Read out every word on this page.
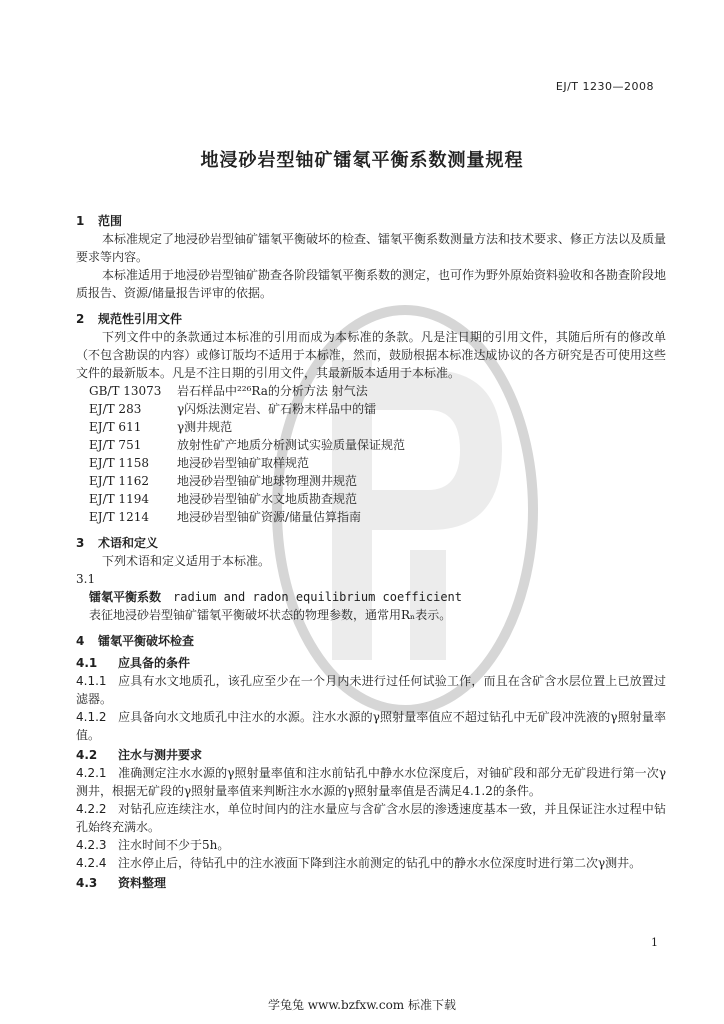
EJ/T 1230—2008
地浸砂岩型铀矿镭氡平衡系数测量规程
1 范围
本标准规定了地浸砂岩型铀矿镭氡平衡破坏的检查、镭氡平衡系数测量方法和技术要求、修正方法以及质量要求等内容。
本标准适用于地浸砂岩型铀矿勘查各阶段镭氡平衡系数的测定，也可作为野外原始资料验收和各勘查阶段地质报告、资源/储量报告评审的依据。
2 规范性引用文件
下列文件中的条款通过本标准的引用而成为本标准的条款。凡是注日期的引用文件，其随后所有的修改单（不包含勘误的内容）或修订版均不适用于本标准，然而，鼓励根据本标准达成协议的各方研究是否可使用这些文件的最新版本。凡是不注日期的引用文件，其最新版本适用于本标准。
GB/T 13073 岩石样品中²²⁶Ra的分析方法 射气法
EJ/T 283	γ闪烁法测定岩、矿石粉末样品中的镭
EJ/T 611	γ测井规范
EJ/T 751	放射性矿产地质分析测试实验质量保证规范
EJ/T 1158 地浸砂岩型铀矿取样规范
EJ/T 1162 地浸砂岩型铀矿地球物理测井规范
EJ/T 1194 地浸砂岩型铀矿水文地质勘查规范
EJ/T 1214 地浸砂岩型铀矿资源/储量估算指南
3 术语和定义
下列术语和定义适用于本标准。
3.1
镭氡平衡系数 radium and radon equilibrium coefficient
表征地浸砂岩型铀矿镭氡平衡破坏状态的物理参数，通常用Rₙ表示。
4 镭氡平衡破坏检查
4.1 应具备的条件
4.1.1 应具有水文地质孔，该孔应至少在一个月内未进行过任何试验工作，而且在含矿含水层位置上已放置过滤器。
4.1.2 应具备向水文地质孔中注水的水源。注水水源的γ照射量率值应不超过钻孔中无矿段冲洗液的γ照射量率值。
4.2 注水与测井要求
4.2.1 准确测定注水水源的γ照射量率值和注水前钻孔中静水水位深度后，对铀矿段和部分无矿段进行第一次γ测井，根据无矿段的γ照射量率值来判断注水水源的γ照射量率值是否满足4.1.2的条件。
4.2.2 对钻孔应连续注水，单位时间内的注水量应与含矿含水层的渗透速度基本一致，并且保证注水过程中钻孔始终充满水。
4.2.3 注水时间不少于5h。
4.2.4 注水停止后，待钻孔中的注水液面下降到注水前测定的钻孔中的静水水位深度时进行第二次γ测井。
4.3 资料整理
1
学兔兔 www.bzfxw.com 标准下载
